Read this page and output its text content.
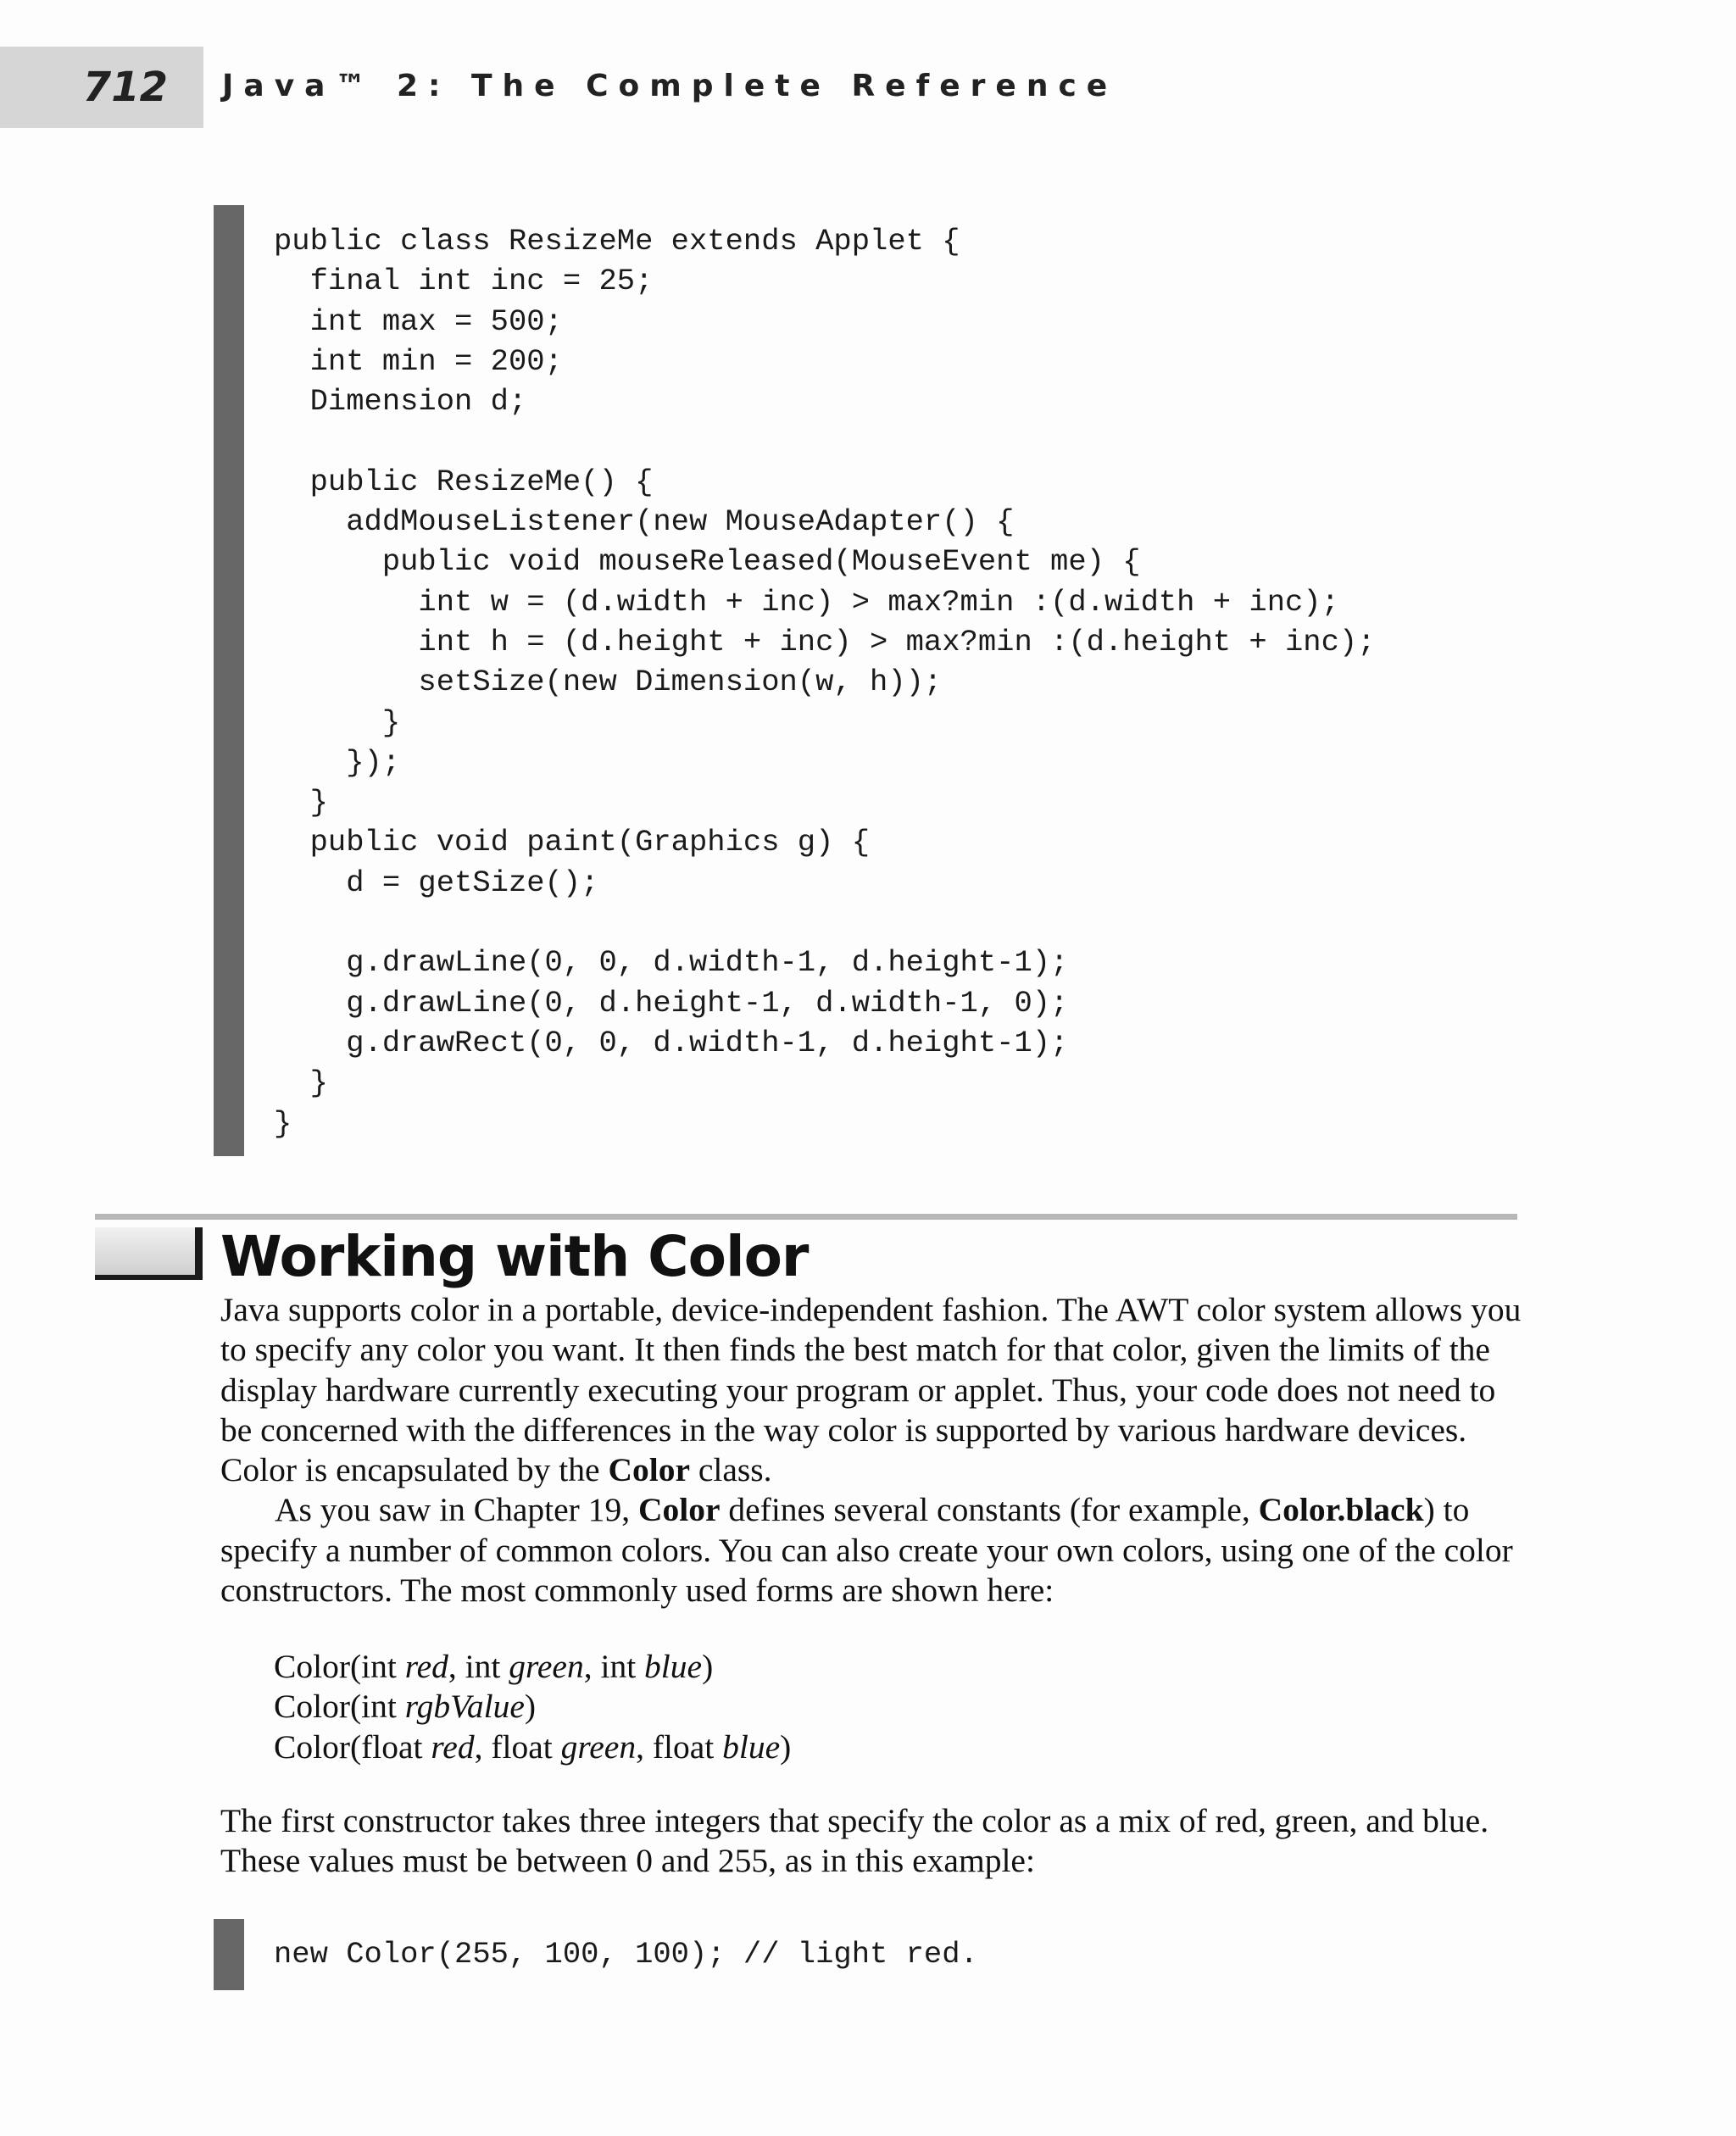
712 Java™ 2: The Complete Reference
public class ResizeMe extends Applet {
final int inc = 25;
int max = 500;
int min = 200;
Dimension d;

public ResizeMe() {
addMouseListener(new MouseAdapter() {
public void mouseReleased(MouseEvent me) {
int w = (d.width + inc) > max?min :(d.width + inc);
int h = (d.height + inc) > max?min :(d.height + inc);
setSize(new Dimension(w, h));
}
});
}
public void paint(Graphics g) {
d = getSize();

g.drawLine(0, 0, d.width-1, d.height-1);
g.drawLine(0, d.height-1, d.width-1, 0);
g.drawRect(0, 0, d.width-1, d.height-1);
}
}
Working with Color

Java supports color in a portable, device-independent fashion. The AWT color system allows you to specify any color you want. It then finds the best match for that color, given the limits of the display hardware currently executing your program or applet. Thus, your code does not need to be concerned with the differences in the way color is supported by various hardware devices. Color is encapsulated by the Color class.

As you saw in Chapter 19, Color defines several constants (for example, Color.black) to specify a number of common colors. You can also create your own colors, using one of the color constructors. The most commonly used forms are shown here:

Color(int red, int green, int blue)
Color(int rgbValue)
Color(float red, float green, float blue)

The first constructor takes three integers that specify the color as a mix of red, green, and blue. These values must be between 0 and 255, as in this example:

new Color(255, 100, 100); // light red.
